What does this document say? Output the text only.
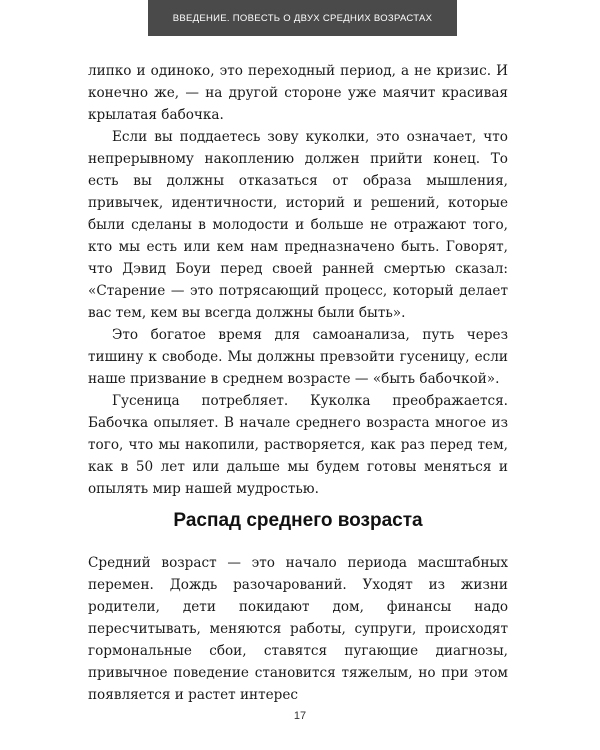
ВВЕДЕНИЕ. ПОВЕСТЬ О ДВУХ СРЕДНИХ ВОЗРАСТАХ

липко и одиноко, это переходный период, а не кризис. И конечно же, — на другой стороне уже маячит красивая крылатая бабочка.

Если вы поддаетесь зову куколки, это означает, что непрерывному накоплению должен прийти конец. То есть вы должны отказаться от образа мышления, привычек, идентичности, историй и решений, которые были сделаны в молодости и больше не отражают того, кто мы есть или кем нам предназначено быть. Говорят, что Дэвид Боуи перед своей ранней смертью сказал: «Старение — это потрясающий процесс, который делает вас тем, кем вы всегда должны были быть».

Это богатое время для самоанализа, путь через тишину к свободе. Мы должны превзойти гусеницу, если наше призвание в среднем возрасте — «быть бабочкой».

Гусеница потребляет. Куколка преображается. Бабочка опыляет. В начале среднего возраста многое из того, что мы накопили, растворяется, как раз перед тем, как в 50 лет или дальше мы будем готовы меняться и опылять мир нашей мудростью.

Распад среднего возраста

Средний возраст — это начало периода масштабных перемен. Дождь разочарований. Уходят из жизни родители, дети покидают дом, финансы надо пересчитывать, меняются работы, супруги, происходят гормональные сбои, ставятся пугающие диагнозы, привычное поведение становится тяжелым, но при этом появляется и растет интерес

17
